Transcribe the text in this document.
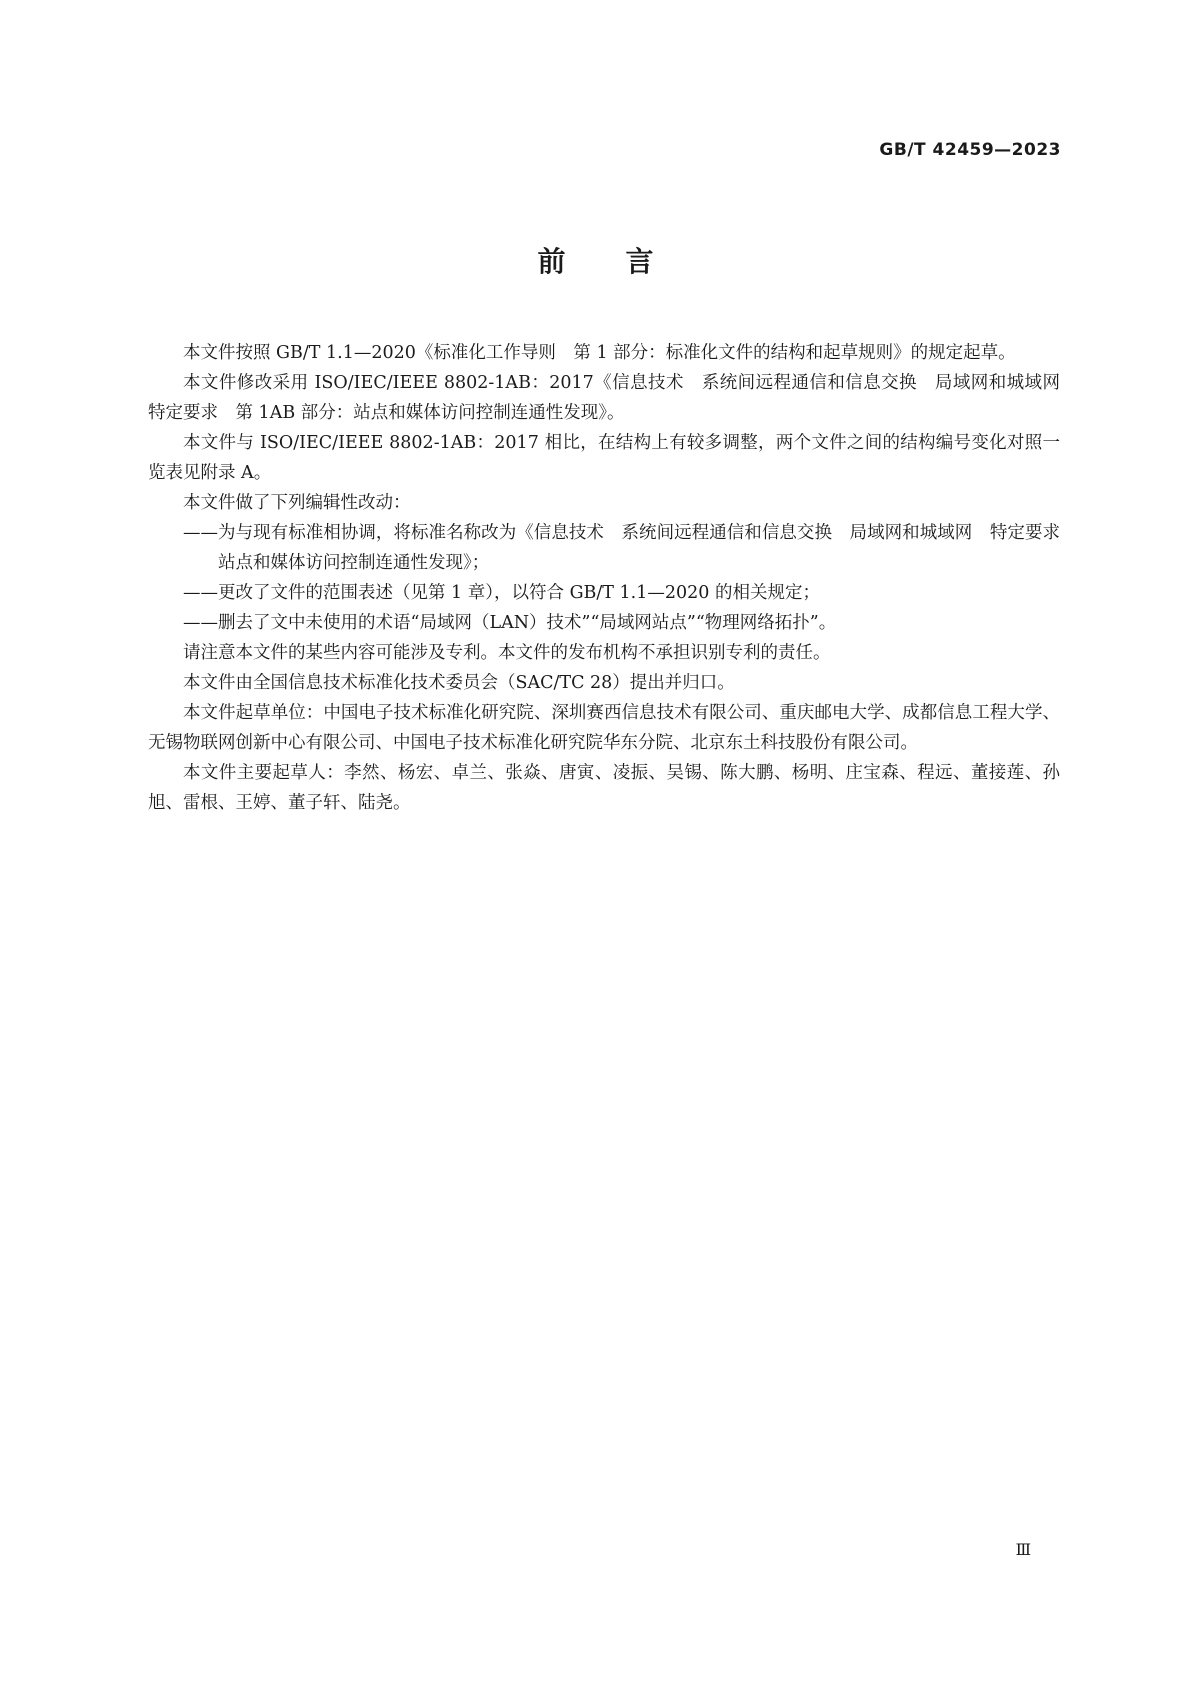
GB/T 42459—2023
前言

本文件按照 GB/T 1.1—2020《标准化工作导则　第 1 部分：标准化文件的结构和起草规则》的规定起草。

本文件修改采用 ISO/IEC/IEEE 8802-1AB：2017《信息技术　系统间远程通信和信息交换　局域网和城域网　特定要求　第 1AB 部分：站点和媒体访问控制连通性发现》。

本文件与 ISO/IEC/IEEE 8802-1AB：2017 相比，在结构上有较多调整，两个文件之间的结构编号变化对照一览表见附录 A。

本文件做了下列编辑性改动：

——为与现有标准相协调，将标准名称改为《信息技术　系统间远程通信和信息交换　局域网和城域网　特定要求　站点和媒体访问控制连通性发现》；

——更改了文件的范围表述（见第 1 章），以符合 GB/T 1.1—2020 的相关规定；

——删去了文中未使用的术语“局域网（LAN）技术”“局域网站点”“物理网络拓扑”。

请注意本文件的某些内容可能涉及专利。本文件的发布机构不承担识别专利的责任。

本文件由全国信息技术标准化技术委员会（SAC/TC 28）提出并归口。

本文件起草单位：中国电子技术标准化研究院、深圳赛西信息技术有限公司、重庆邮电大学、成都信息工程大学、无锡物联网创新中心有限公司、中国电子技术标准化研究院华东分院、北京东土科技股份有限公司。

本文件主要起草人：李然、杨宏、卓兰、张焱、唐寅、凌振、吴锡、陈大鹏、杨明、庄宝森、程远、董接莲、孙旭、雷根、王婷、董子轩、陆尧。

Ⅲ
